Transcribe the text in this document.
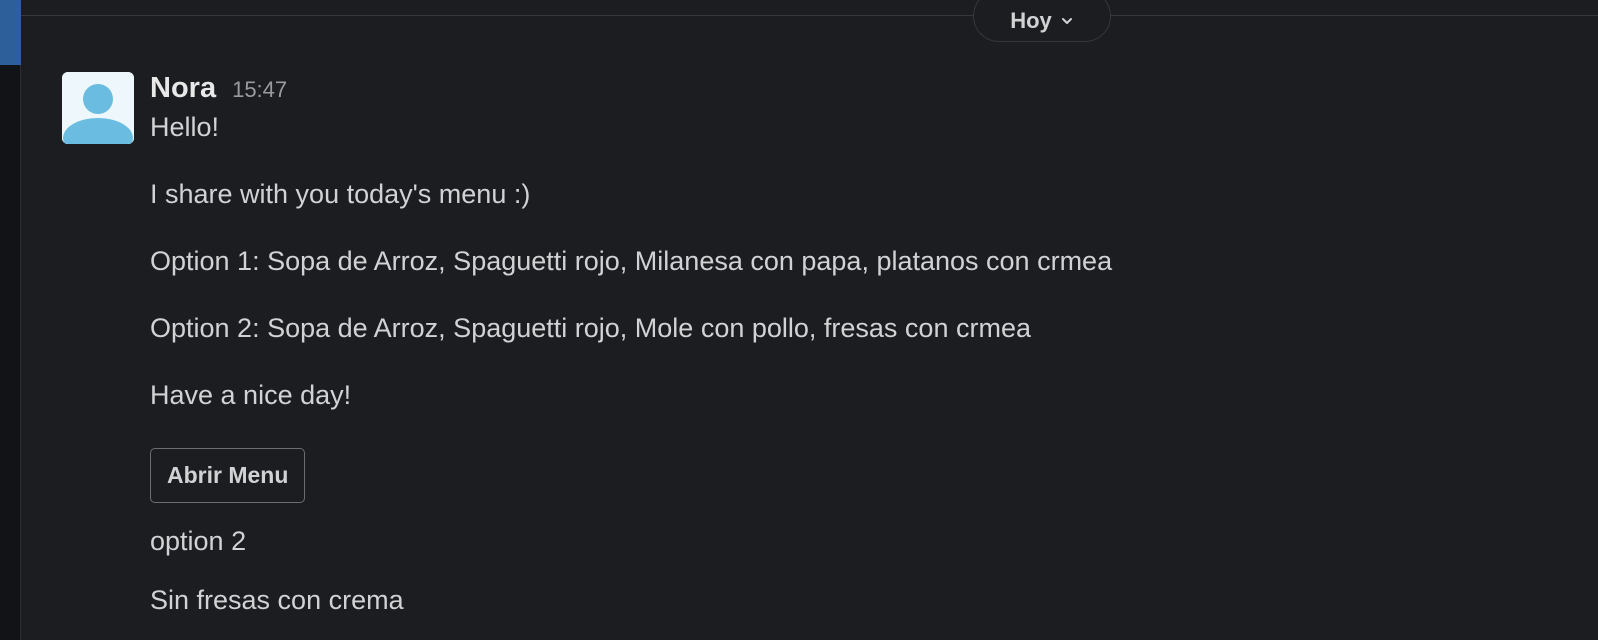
Hoy
Nora 15:47
Hello!
I share with you today's menu :)
Option 1: Sopa de Arroz, Spaguetti rojo, Milanesa con papa, platanos con crmea
Option 2: Sopa de Arroz, Spaguetti rojo, Mole con pollo, fresas con crmea
Have a nice day!
Abrir Menu
option 2
Sin fresas con crema
